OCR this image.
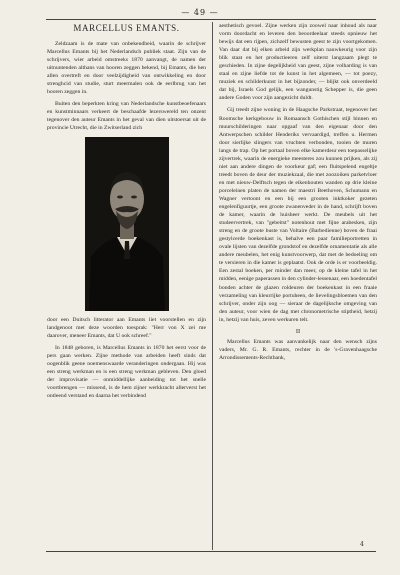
— 49 —
MARCELLUS EMANTS.

Zeldzaam is de mate van onbekendheid, waarin de schrijver Marcellus Emants bij het Nederlandsch publiek staat. Zijn van de schrijvers, wier arbeid omstreeks 1870 aanvangt, de namen der uitnuntenden althans van hooren zeggen bekend, bij Emants, die hen allen overtreft en door veelzijdigheid van ontwikkeling en door strenghcid van studie, sturt meermalen ook de eerlbrug van het hooren zeggen in.

Buiten den beperkten kring van Nederlandsche kunstbeoefenaars en kunstminnaars verkeert de beschaafde lezerswereld ten onzent tegenover den auteur Emants in het geval van dien uitstoersat uit de provincie Utrecht, die in Zwitserland zich

door een Duitsch litterator aan Emants liet voorstellen en zijn landgenoot met deze woorden toesprak: "Herr von X zei me daarover, meneer Emants, dat U ook schreef."

In 1848 geboren, is Marcellus Emants in 1870 het eerst voor de pers gaan werken. Zijne methode van arbeiden heeft sinds dat oogenblik geene noemenswaarde veranderingen ondergaan. Hij was een streng werkman en is een streng werkman gebleven. Den gloed der improvisatie — onmiddellijke aanbeiding tot het snelle voortbrengen — missend, is de hem zijner werkkracht allerverst het ontleend verstand en daarna het verbindend

aesthetisch gevoel. Zijne werken zijn zoowel naar inhoud als naar vorm doordacht en leveren den beoordeelaar steeds opnieuw het bewijs dat een rijpen, zichzelf bewusten geest te zijn voortgekomen. Van daar dat bij elken arbeid zijn werkplan nauwkeurig voor zijn blik staat en het productieeren zelf uiterst langzaam plegt te geschieden. In zijne degelijkheid van geest, zijne volharding is van staal en zijne liefde tot de kunst in het algemeen, — tot poezy, muziek en schilderkunst in het bijzonder, — blijkt ook onverdeeld dat bij, Israels God gelijk, een wangunstig Schepper is, die geen andere Goden voor zijn aangezicht duldt.

Gij treedt zijne woning in de Haagsche Parkstraat, tegenover het Roomsche kerkgebouw in Romaansch Gothischen stijl binnen en muurschilderingen naar opgaaf van den eigenaar door den Antwerpschen schilder Henderiks vervaardigd, treffen u. Hermen door sierlijke slingers van vruchten verbonden, tooien de muren langs de trap. Op het portaal boven elke kamerdeur een toepasselijke zijvertrek, waarin de energieke meesteres zou kunnen prijken, als zij niet aan andere dingen de voorkeur gaf; een fluitspelend engeltje treedt boven de deur der muziekzaal, die met zoozoiken parketvloer en met nieuw-Delftsch tegen de eikenhouten wanden op drie kleine porceleinen platen de namen der maestri Beethoven, Schumann en Wagner vertoont en een bij een grooten inktkoker gezeten engelenfiguurtje, een groote zwanenveder in de hand, schrijft boven de kamer, waarin de huisheer werkt. De meubels uit het studeervertrek, van "gebeitst" notenhout met fijne arabesken, zijn streng en de groote buste van Voltaire (Barbedienne) boven de fraai gestylcerde boekenkast is, behalve een paar familieportretten in ovale lijsten van dezelfde grondstof en dezelfde ornamentatie als alle andere meubelen, het enig kunstvoorwerp, dat met de bedoeling om te versieren in die kamer is geplaatst. Ook de orde is er voorbeeldig. Een zestal boeken, per minder dan meer, op de kleine tafel in het midden, eenige paperassen in den cylinder-lessenaar, een hoedentafel bonden achter de glazen roldeuren der boekenkast in een fraaie verzameling van kleurrijke portuheen, de lievelingsbloemen van den schrijver, onder zijn oog — sieraar de dagelijksche omgeving van den auteur, voor wien de dag met chronometrische stiptheid, hetzij in, hetzij van huis, zeven werkuren telt.

II

Marcellus Emants was aanvankelijk naar den wensch zijns vaders, Mr. G. R. Emants, rechter in de 's-Gravenhaagsche Arrondissements-Rechtbank,

4
